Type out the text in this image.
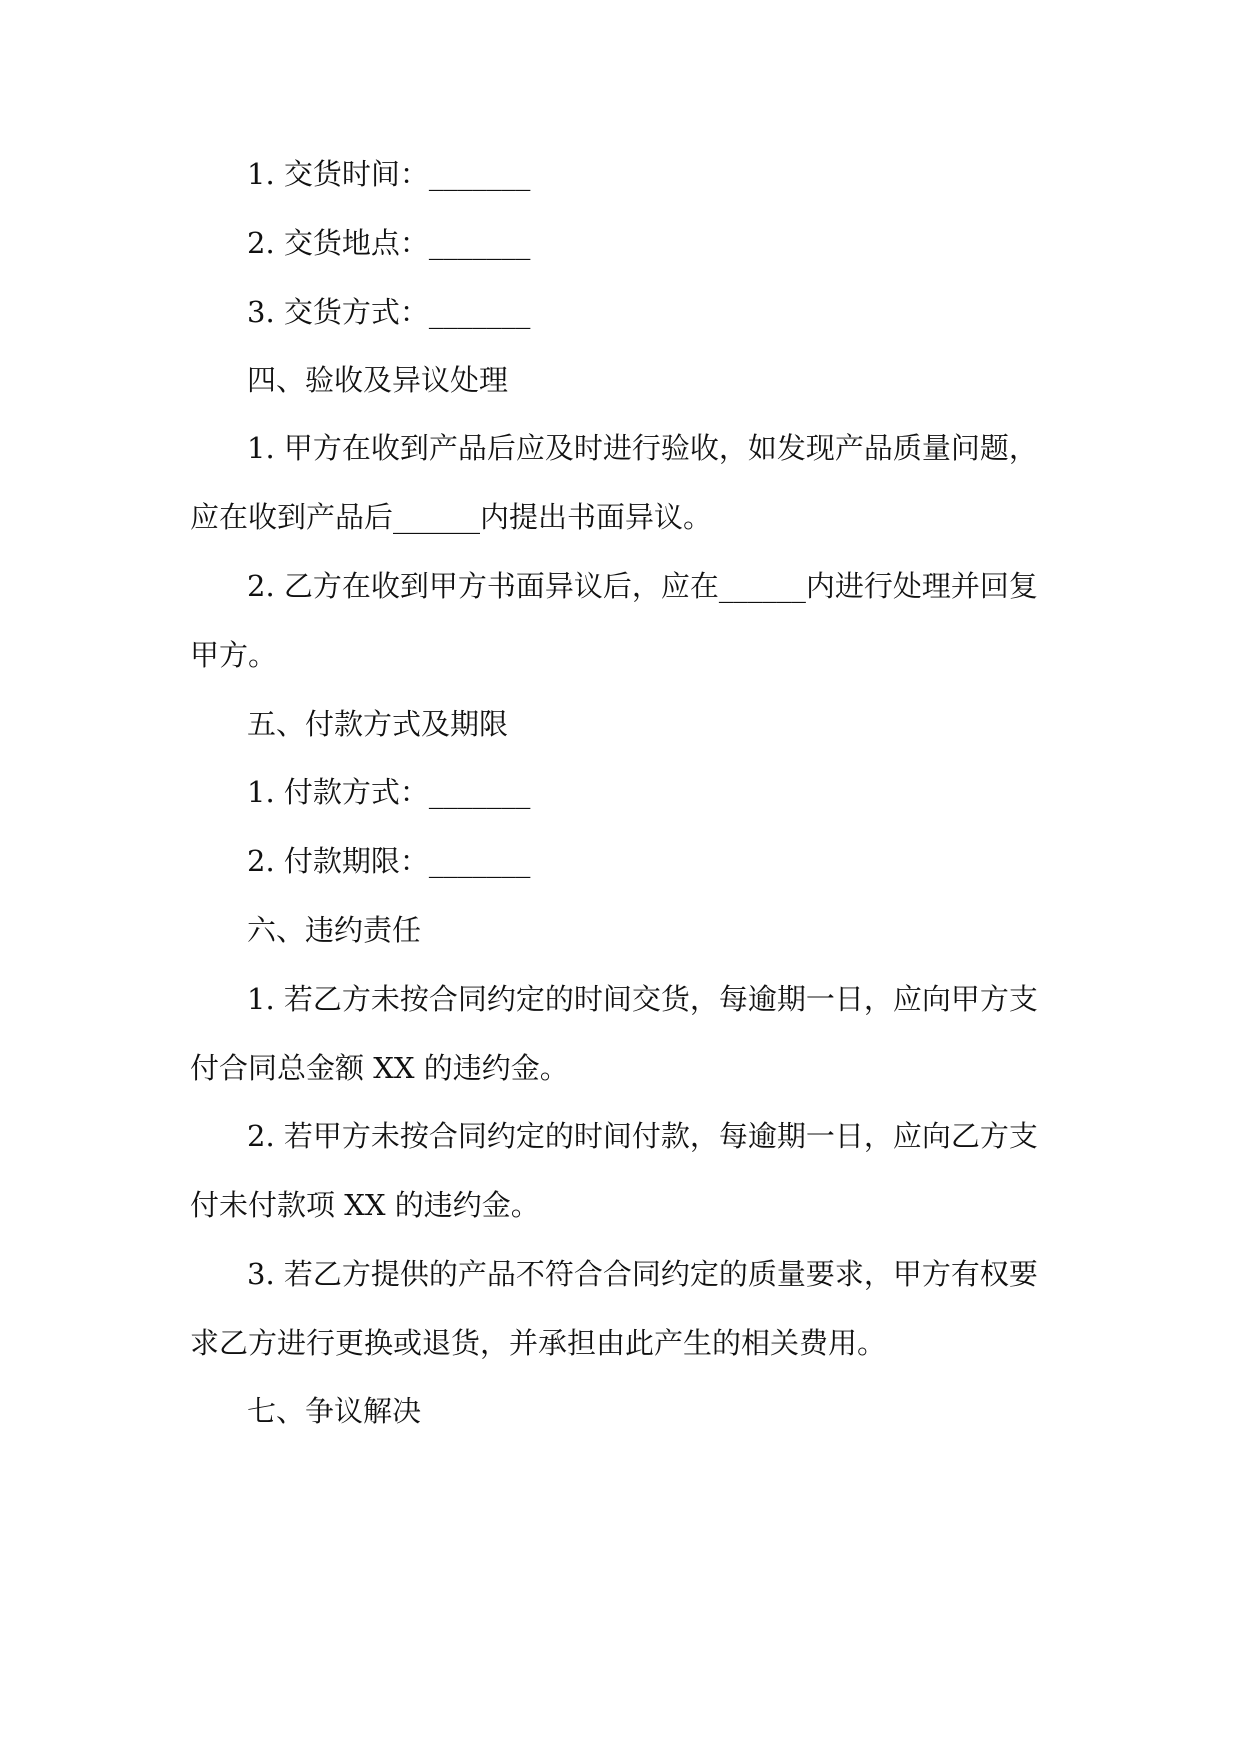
1. 交货时间：_______
2. 交货地点：_______
3. 交货方式：_______
四、验收及异议处理
1. 甲方在收到产品后应及时进行验收，如发现产品质量问题，
应在收到产品后______内提出书面异议。
2. 乙方在收到甲方书面异议后，应在______内进行处理并回复
甲方。
五、付款方式及期限
1. 付款方式：_______
2. 付款期限：_______
六、违约责任
1. 若乙方未按合同约定的时间交货，每逾期一日，应向甲方支
付合同总金额 XX 的违约金。
2. 若甲方未按合同约定的时间付款，每逾期一日，应向乙方支
付未付款项 XX 的违约金。
3. 若乙方提供的产品不符合合同约定的质量要求，甲方有权要
求乙方进行更换或退货，并承担由此产生的相关费用。
七、争议解决
